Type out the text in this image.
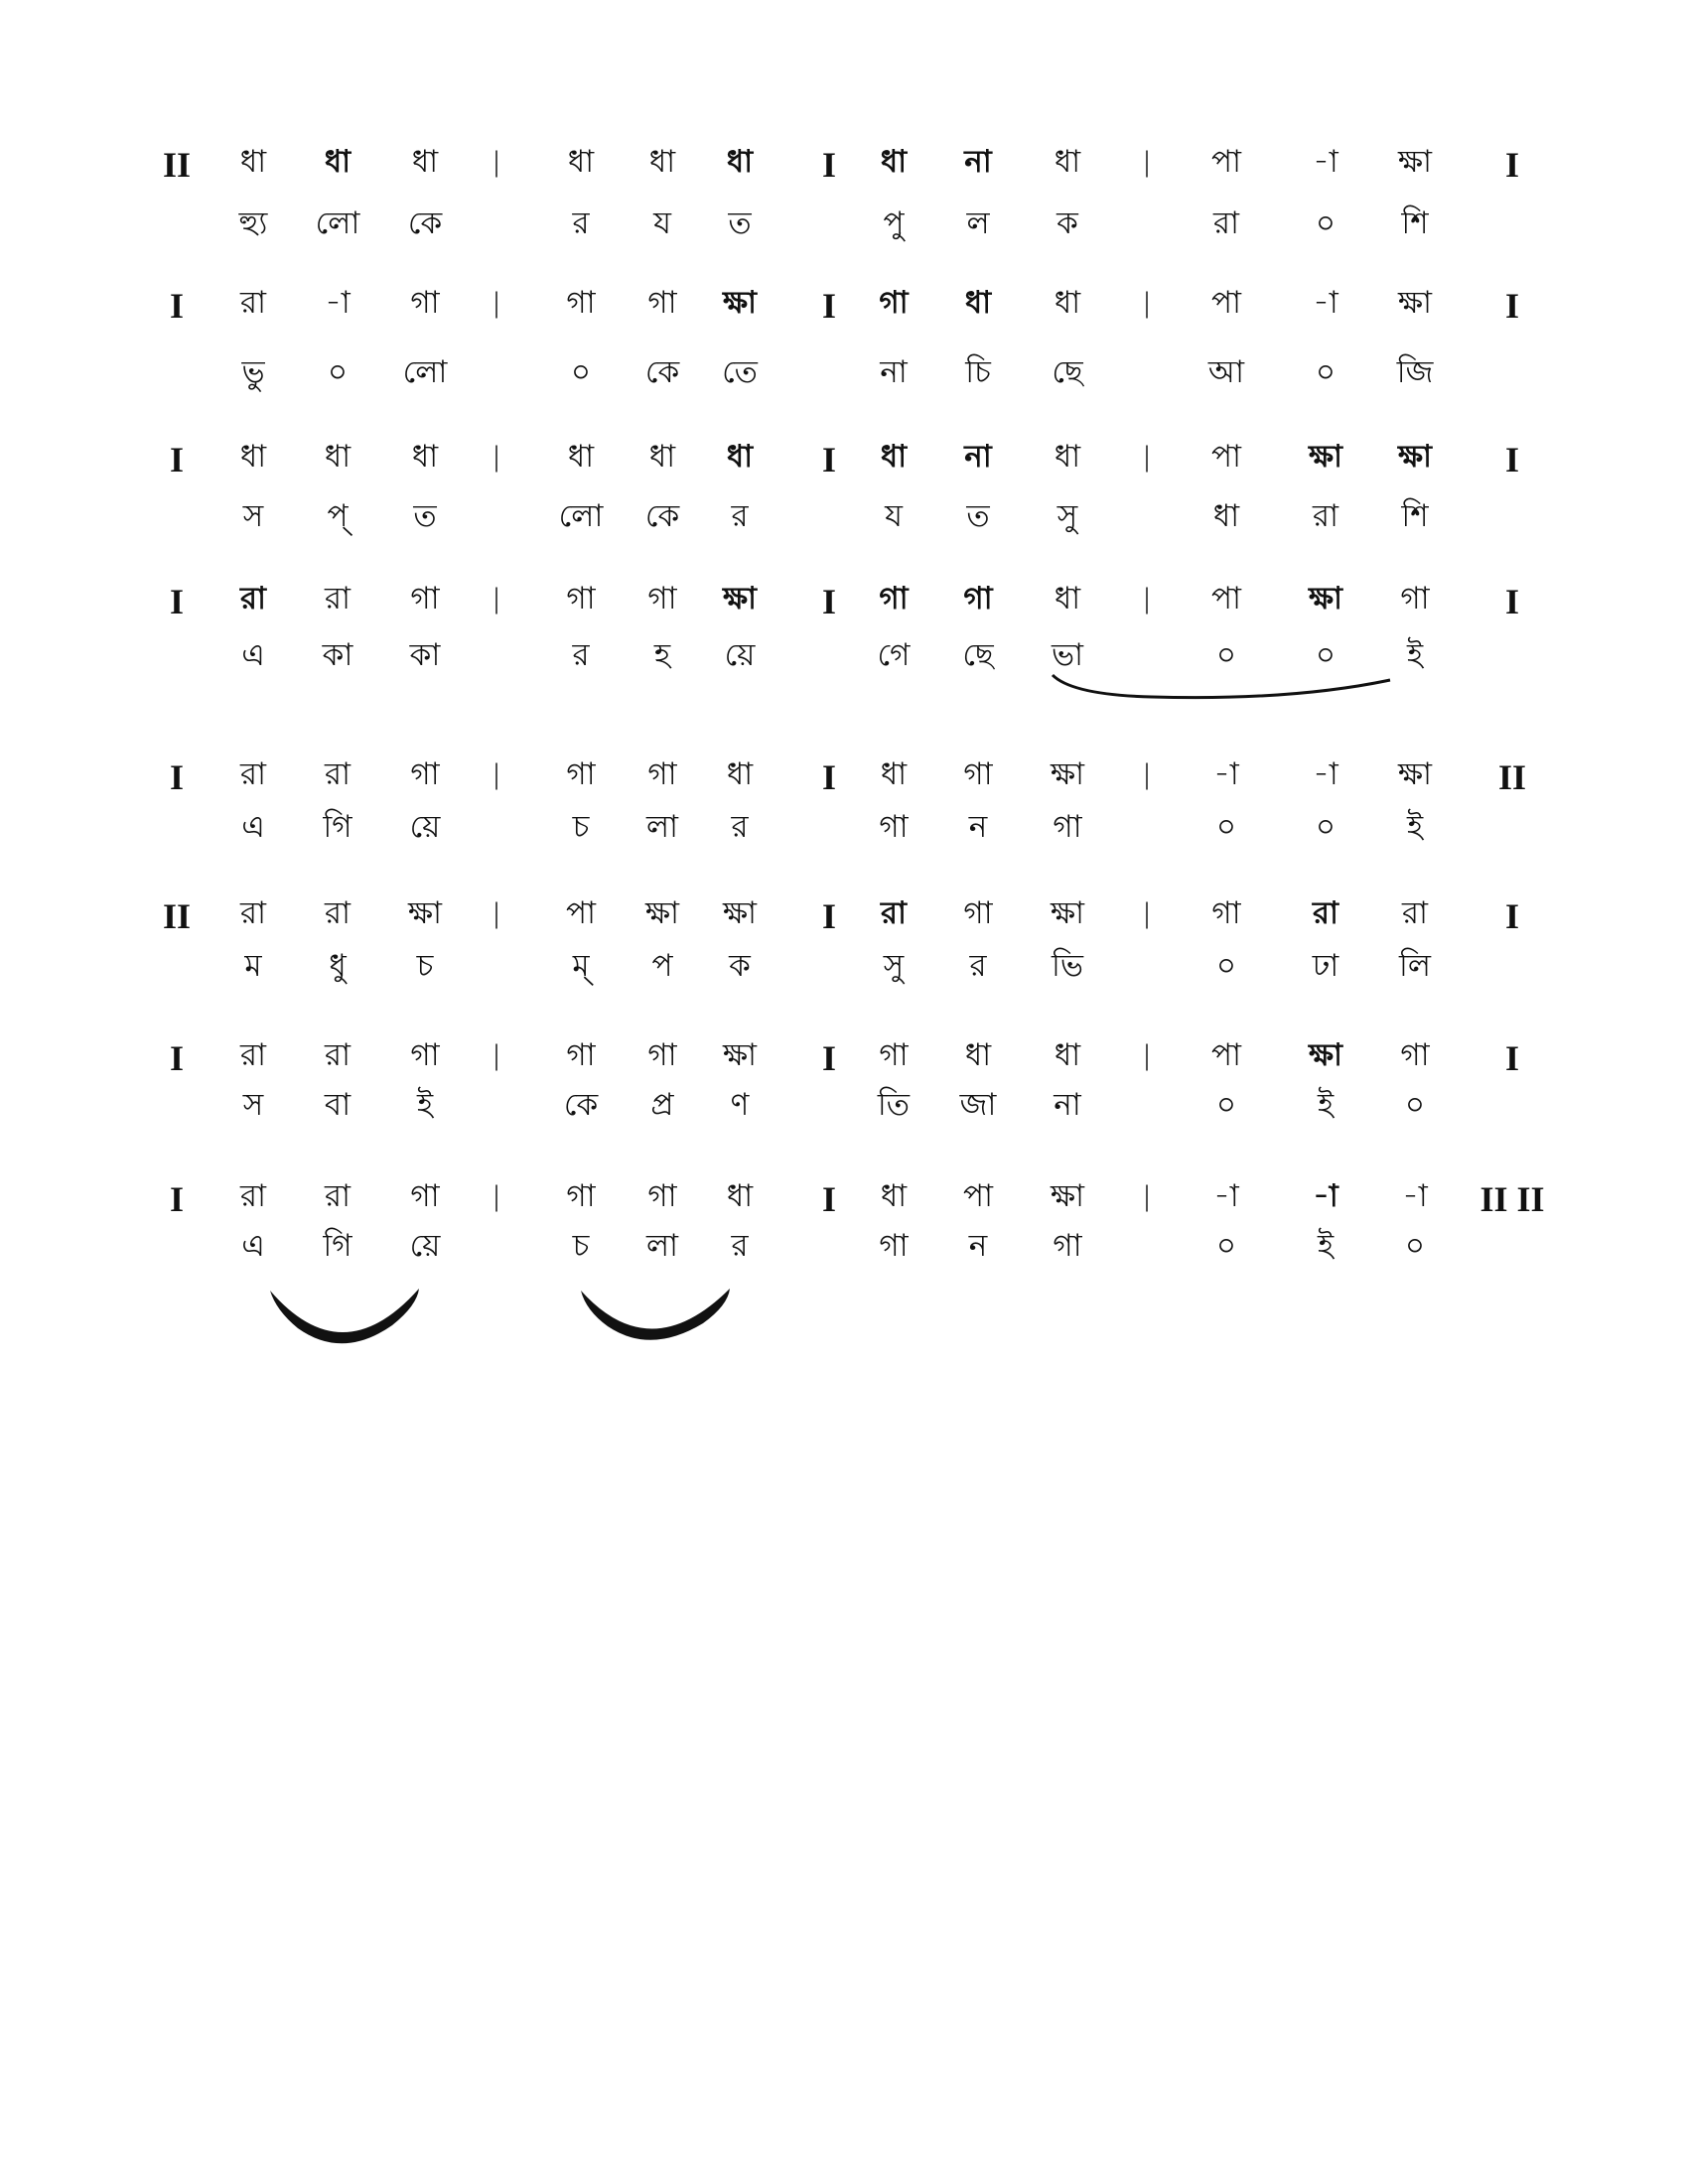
II ধা ধা ধা | ধা ধা ধা I ধা না ধা | পা -া ক্ষা I
হ্যু লো কে	র য ত	পু ল ক	রা ০ শি
I রা -া গা | গা গা ক্ষা I গা ধা ধা | পা -া ক্ষা I
ভু ০ লো	০ কে তে	না চি ছে	আ ০ জি
I ধা ধা ধা | ধা ধা ধা I ধা না ধা | পা ক্ষা ক্ষা I
স প্ ত	লো কে র	য ত সু	ধা রা শি
I রা রা গা | গা গা ক্ষা I গা গা ধা | পা ক্ষা গা I
এ কা কা	র হ য়ে	গে ছে ভা	০	০ ই
I রা রা গা | গা গা ধা I ধা গা ক্ষা | -া -া ক্ষা II
এ গি য়ে	চ লা র	গা ন গা	০	০ ই
II রা রা ক্ষা | পা ক্ষা ক্ষা I রা গা ক্ষা | গা রা রা I
ম ধু চ	ম্ প ক	সু র ভি	০ ঢা লি
I রা রা গা | গা গা ক্ষা I গা ধা ধা | পা ক্ষা গা I
স বা ই	কে প্র ণ	তি জা না	০	ই ০
I রা রা গা | গা গা ধা I ধা পা ক্ষা | -া -া -া II II
এ গি য়ে	চ লা র	গা ন গা	০	ই ০
